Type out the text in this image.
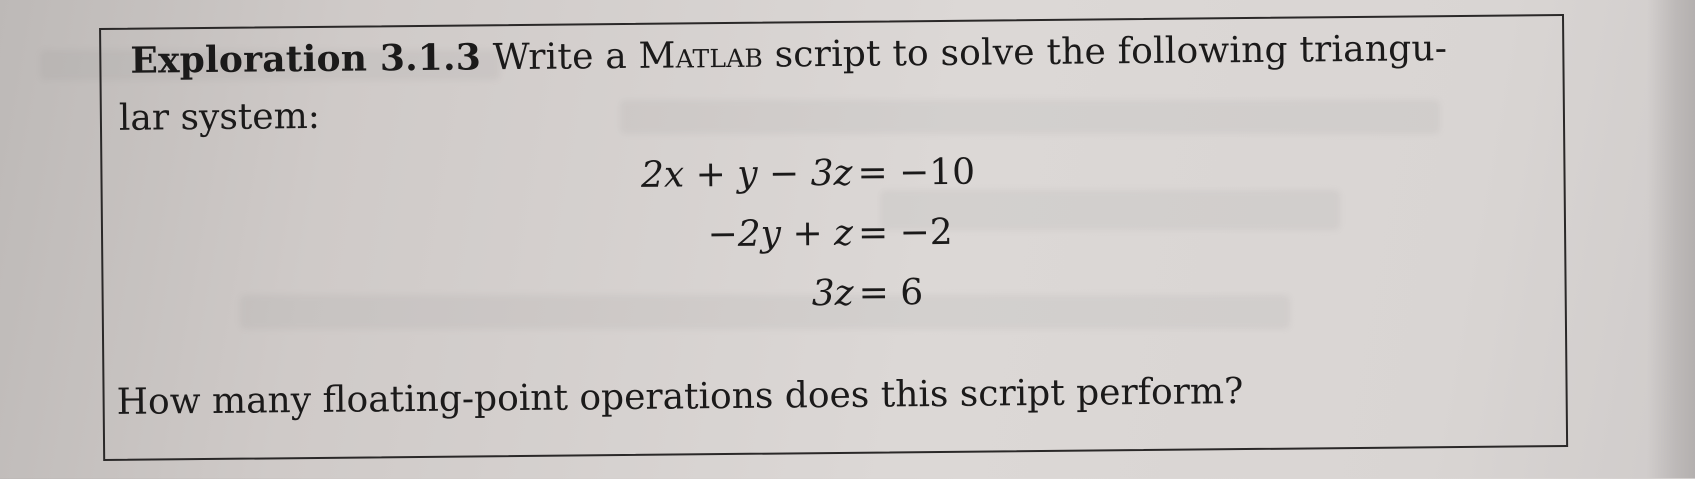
Exploration 3.1.3 Write a Matlab script to solve the following triangu-
lar system:
2x + y − 3z = −10
−2y + z = −2
3z = 6
How many floating-point operations does this script perform?
